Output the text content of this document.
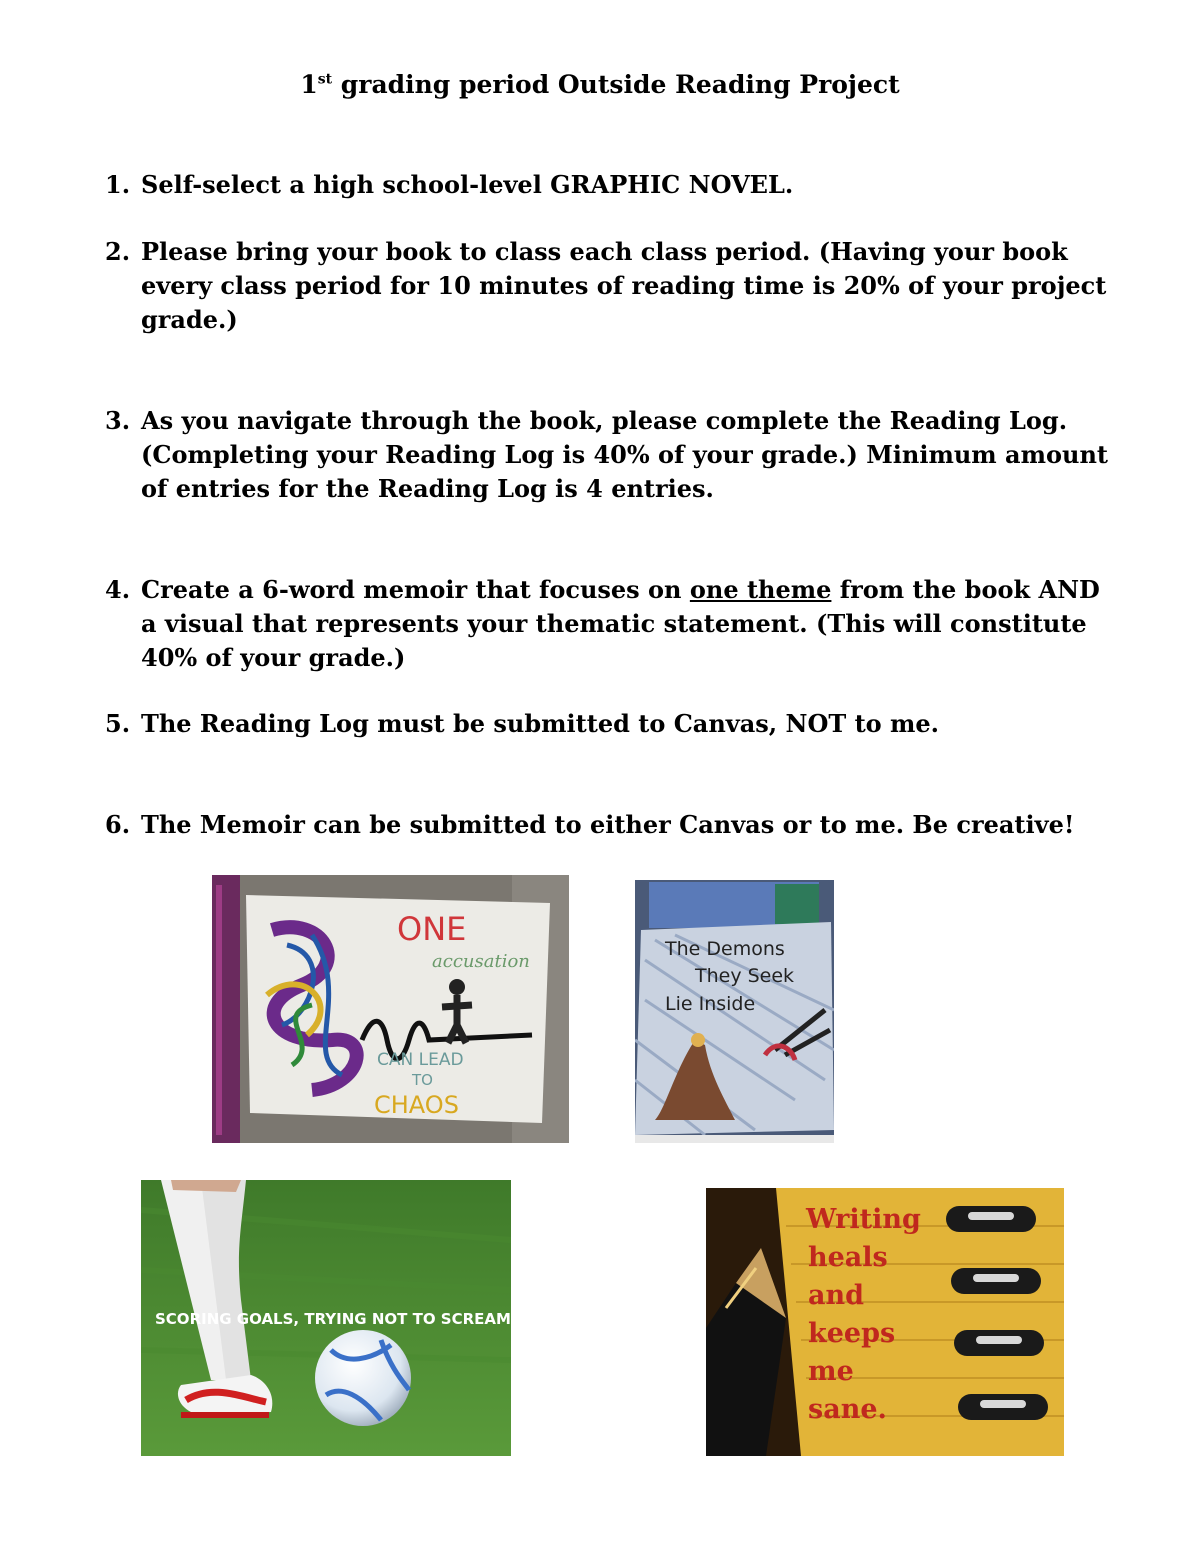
1st grading period Outside Reading Project
1. Self-select a high school-level GRAPHIC NOVEL.
2. Please bring your book to class each class period. (Having your book every class period for 10 minutes of reading time is 20% of your project grade.)
3. As you navigate through the book, please complete the Reading Log. (Completing your Reading Log is 40% of your grade.) Minimum amount of entries for the Reading Log is 4 entries.
4. Create a 6-word memoir that focuses on one theme from the book AND a visual that represents your thematic statement. (This will constitute 40% of your grade.)
5. The Reading Log must be submitted to Canvas, NOT to me.
6. The Memoir can be submitted to either Canvas or to me. Be creative!
ONE
accusation
CAN LEAD
TO
CHAOS
The Demons
They Seek
Lie Inside
SCORING GOALS, TRYING NOT TO SCREAM
Writing
heals
and
keeps
me
sane.
